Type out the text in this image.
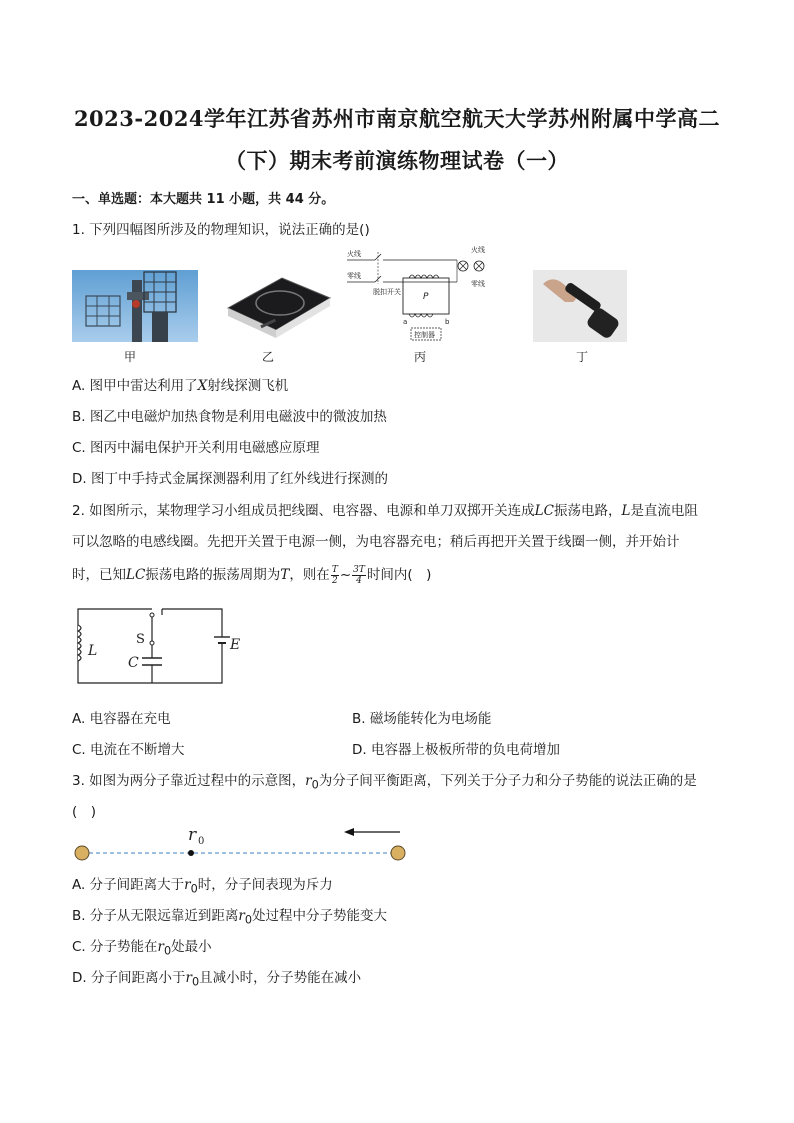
2023-2024学年江苏省苏州市南京航空航天大学苏州附属中学高二
（下）期末考前演练物理试卷（一）
一、单选题：本大题共 11 小题，共 44 分。
1. 下列四幅图所涉及的物理知识，说法正确的是()
甲	乙
火线
零线
脱扣开关 P
a	b
控制器
火线
零线
丙	丁
A. 图甲中雷达利用了X射线探测飞机
B. 图乙中电磁炉加热食物是利用电磁波中的微波加热
C. 图丙中漏电保护开关利用电磁感应原理
D. 图丁中手持式金属探测器利用了红外线进行探测的
2. 如图所示，某物理学习小组成员把线圈、电容器、电源和单刀双掷开关连成LC振荡电路，L是直流电阻
可以忽略的电感线圈。先把开关置于电源一侧，为电容器充电；稍后再把开关置于线圈一侧，并开始计
时，已知LC振荡电路的振荡周期为T，则在 $\frac{T}{2}$ ~ $\frac{3T}{4}$ 时间内(　)
L
S
C
E
A. 电容器在充电	B. 磁场能转化为电场能
C. 电流在不断增大	D. 电容器上极板所带的负电荷增加
3. 如图为两分子靠近过程中的示意图，$r_0$为分子间平衡距离，下列关于分子力和分子势能的说法正确的是
(　)
r 0
A. 分子间距离大于$r_0$时，分子间表现为斥力
B. 分子从无限远靠近到距离$r_0$处过程中分子势能变大
C. 分子势能在$r_0$处最小
D. 分子间距离小于$r_0$且减小时，分子势能在减小
